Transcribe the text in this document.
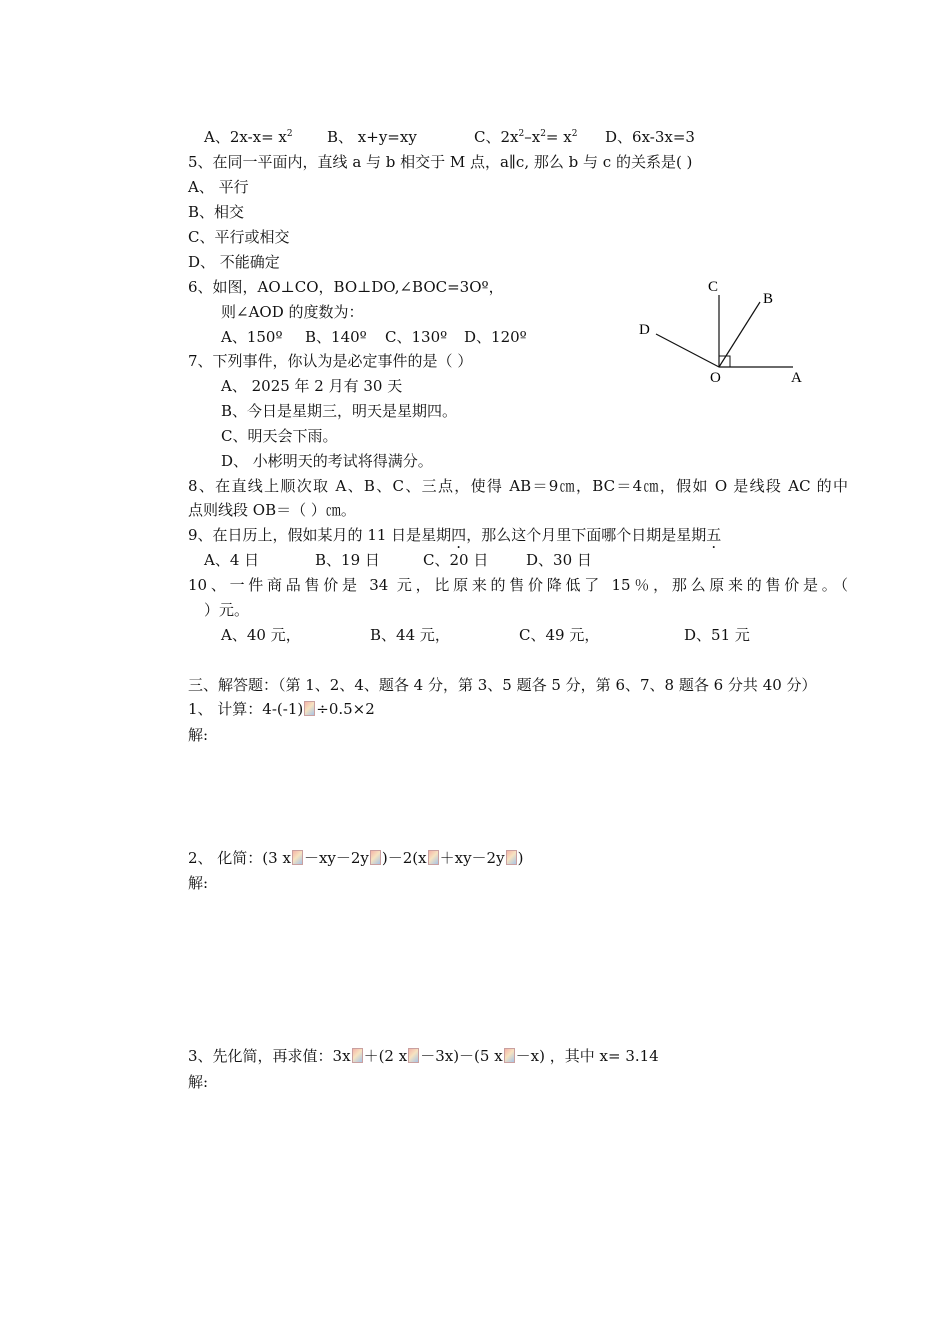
A、$2x-x= x^2$ B、 x+y=xy	C、$2x^2-x^2= x^2$ D、6x-3x=3
5、在同一平面内，直线 a 与 b 相交于 M 点，a∥c, 那么 b 与 c 的关系是( )
A、 平行
B、相交
C、平行或相交
D、 不能确定
6、如图，AO⊥CO，BO⊥DO,∠BOC=3Oº，
则∠AOD 的度数为：
A、150º B、140º C、130º D、120º
C
B
D
O	A
7、下列事件，你认为是必定事件的是（ ）
A、 2025 年 2 月有 30 天
B、今日是星期三，明天是星期四。
C、明天会下雨。
D、 小彬明天的考试将得满分。
8、在直线上顺次取 A、B、C、三点，使得 AB＝9㎝，BC＝4㎝，假如 O 是线段 AC 的中
点则线段 OB＝（ ）㎝。
9、在日历上，假如某月的 11 日是星期四，那么这个月里下面哪个日期是星期五
A、4 日	B、19 日	C、20 日	D、30 日
10、一件商品售价是 34 元，比原来的售价降低了 15％，那么原来的售价是。（
）元。
A、40 元，	B、44 元，	C、49 元，	D、51 元
三、解答题：（第 1、2、4、题各 4 分，第 3、5 题各 5 分，第 6、7、8 题各 6 分共 40 分）
1、 计算：4-(-1) ÷0.5×2
解:
2、 化简：(3 x －xy－2y )－2(x ＋xy－2y )
解:
3、先化简，再求值：3x ＋(2 x －3x)－(5 x －x) ，其中 x= 3.14
解:
